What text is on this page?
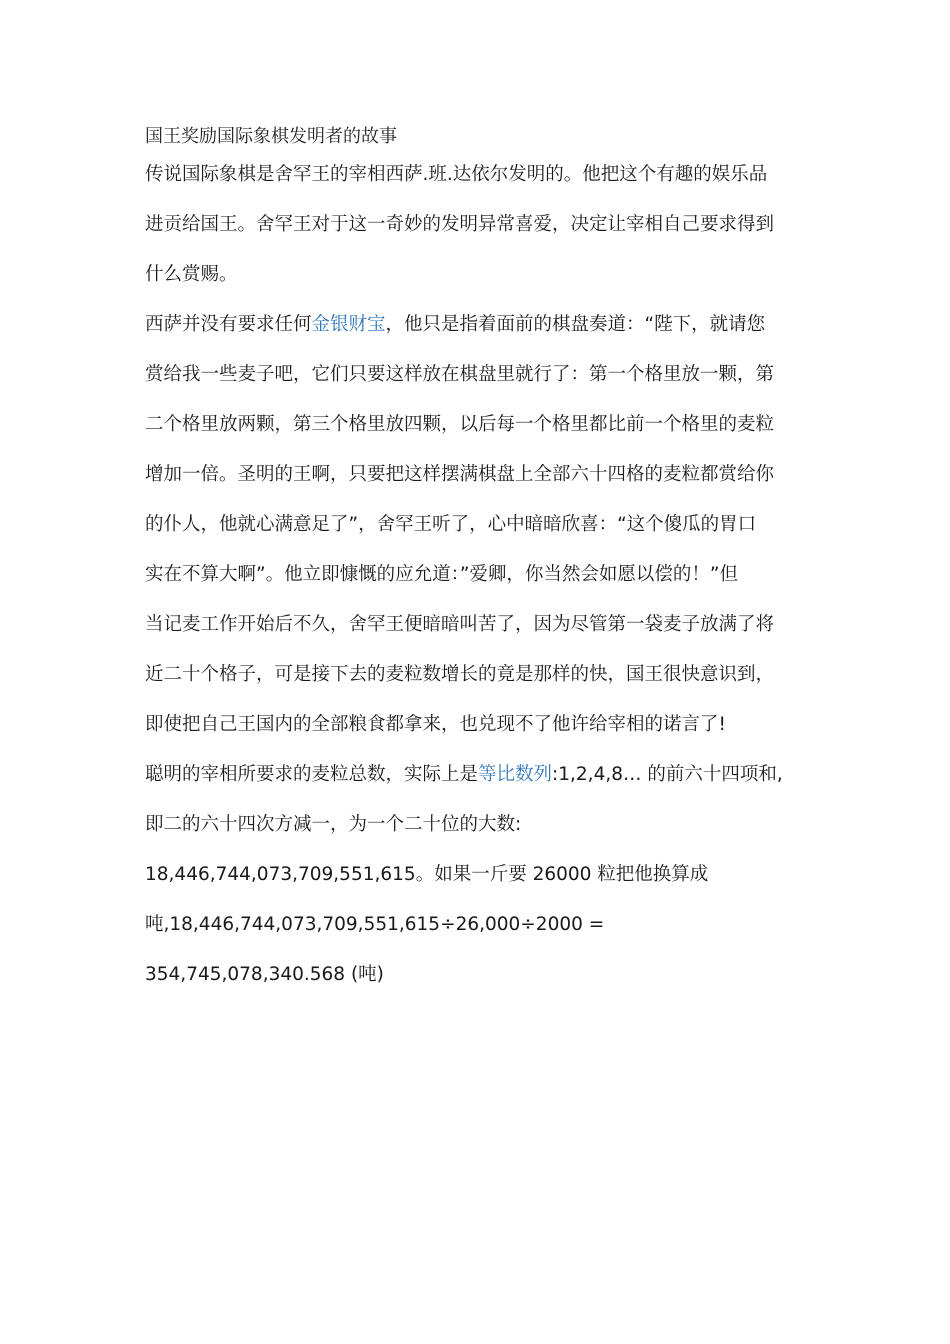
国王奖励国际象棋发明者的故事
传说国际象棋是舍罕王的宰相西萨.班.达依尔发明的。他把这个有趣的娱乐品
进贡给国王。舍罕王对于这一奇妙的发明异常喜爱，决定让宰相自己要求得到
什么赏赐。
西萨并没有要求任何金银财宝，他只是指着面前的棋盘奏道：“陛下，就请您
赏给我一些麦子吧，它们只要这样放在棋盘里就行了：第一个格里放一颗，第
二个格里放两颗，第三个格里放四颗，以后每一个格里都比前一个格里的麦粒
增加一倍。圣明的王啊，只要把这样摆满棋盘上全部六十四格的麦粒都赏给你
的仆人，他就心满意足了”，舍罕王听了，心中暗暗欣喜：“这个傻瓜的胃口
实在不算大啊”。他立即慷慨的应允道：”爱卿，你当然会如愿以偿的！”但
当记麦工作开始后不久，舍罕王便暗暗叫苦了，因为尽管第一袋麦子放满了将
近二十个格子，可是接下去的麦粒数增长的竟是那样的快，国王很快意识到，
即使把自己王国内的全部粮食都拿来，也兑现不了他许给宰相的诺言了!
聪明的宰相所要求的麦粒总数，实际上是等比数列:1,2,4,8… 的前六十四项和,
即二的六十四次方减一，为一个二十位的大数:
18,446,744,073,709,551,615。如果一斤要 26000 粒把他换算成
吨,18,446,744,073,709,551,615÷26,000÷2000 =
354,745,078,340.568 (吨)
